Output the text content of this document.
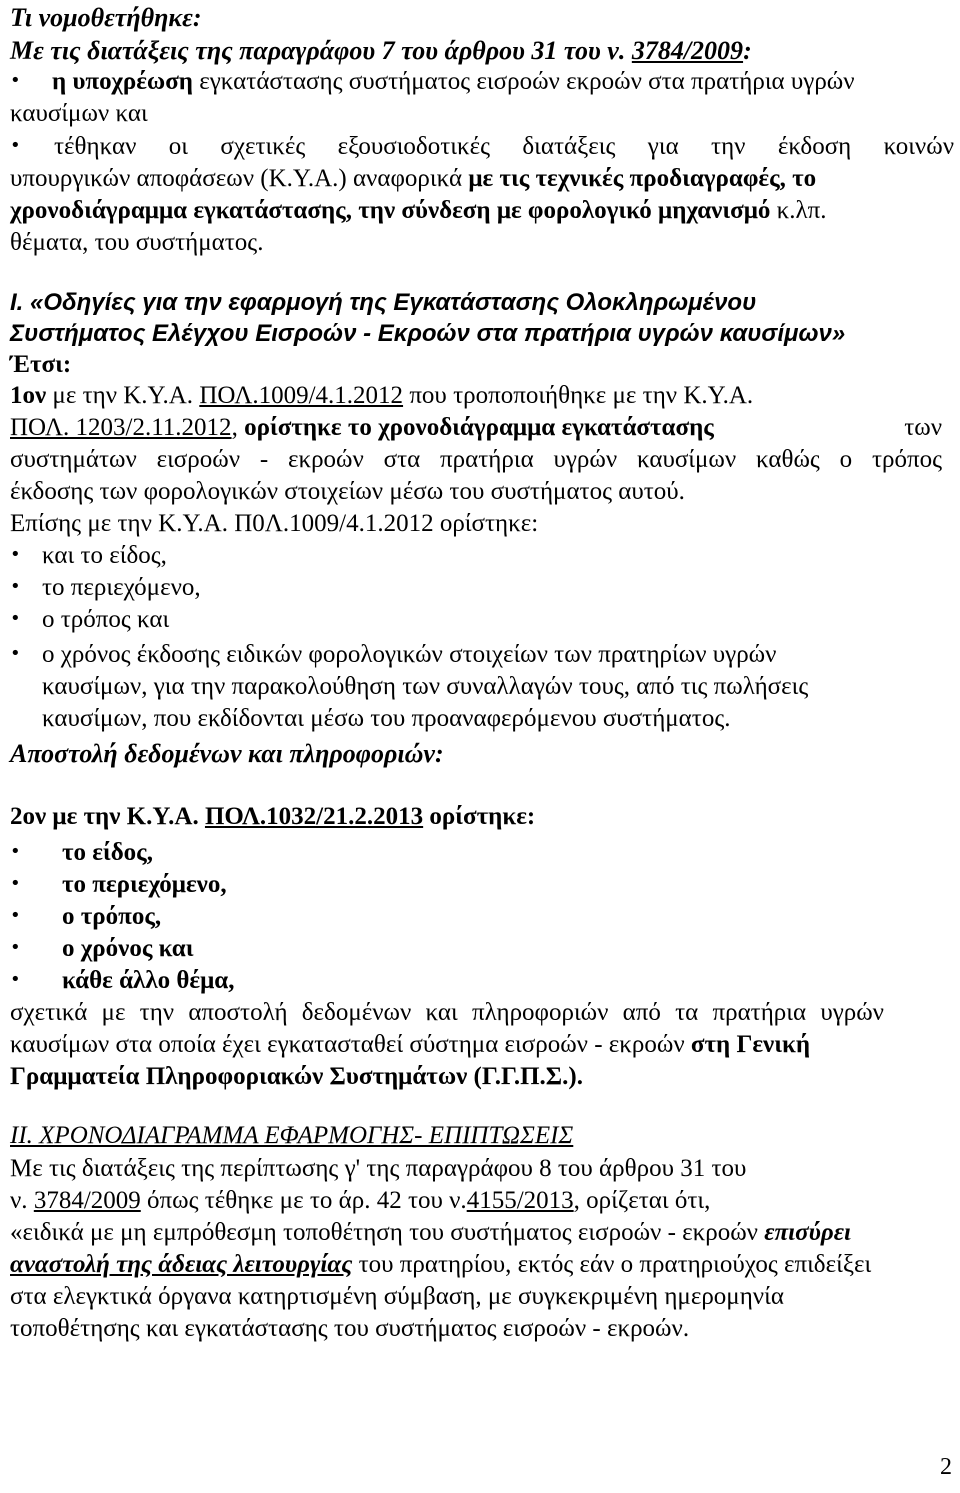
Τι νομοθετήθηκε:
Με τις διατάξεις της παραγράφου 7 του άρθρου 31 του ν. 3784/2009:
• η υποχρέωση εγκατάστασης συστήματος εισροών εκροών στα πρατήρια υγρών
καυσίμων και
• τέθηκαν οι σχετικές εξουσιοδοτικές διατάξεις για την έκδοση κοινών
υπουργικών αποφάσεων (Κ.Υ.Α.) αναφορικά με τις τεχνικές προδιαγραφές, το
χρονοδιάγραμμα εγκατάστασης, την σύνδεση με φορολογικό μηχανισμό κ.λπ.
θέματα, του συστήματος.
I. «Οδηγίες για την εφαρμογή της Εγκατάστασης Ολοκληρωμένου
Συστήματος Ελέγχου Εισροών - Εκροών στα πρατήρια υγρών καυσίμων»
Έτσι:
1ον με την Κ.Υ.Α. ΠΟΛ.1009/4.1.2012 που τροποποιήθηκε με την Κ.Υ.Α.
ΠΟΛ. 1203/2.11.2012, ορίστηκε το χρονοδιάγραμμα εγκατάστασης	των
συστημάτων εισροών - εκροών στα πρατήρια υγρών καυσίμων καθώς ο τρόπος
έκδοσης των φορολογικών στοιχείων μέσω του συστήματος αυτού.
Επίσης με την Κ.Υ.Α. Π0Λ.1009/4.1.2012 ορίστηκε:
• και το είδος,
• το περιεχόμενο,
• ο τρόπος και
• ο χρόνος έκδοσης ειδικών φορολογικών στοιχείων των πρατηρίων υγρών
καυσίμων, για την παρακολούθηση των συναλλαγών τους, από τις πωλήσεις
καυσίμων, που εκδίδονται μέσω του προαναφερόμενου συστήματος.
Αποστολή δεδομένων και πληροφοριών:
2ον με την Κ.Υ.Α. ΠΟΛ.1032/21.2.2013 ορίστηκε:
• το είδος,
• το περιεχόμενο,
• ο τρόπος,
• ο χρόνος και
• κάθε άλλο θέμα,
σχετικά με την αποστολή δεδομένων και πληροφοριών από τα πρατήρια υγρών
καυσίμων στα οποία έχει εγκατασταθεί σύστημα εισροών - εκροών στη Γενική
Γραμματεία Πληροφοριακών Συστημάτων (Γ.Γ.Π.Σ.).
II. ΧΡΟΝΟΔΙΑΓΡΑΜΜΑ ΕΦΑΡΜΟΓΗΣ- ΕΠΙΠΤΩΣΕΙΣ
Με τις διατάξεις της περίπτωσης γ' της παραγράφου 8 του άρθρου 31 του
ν. 3784/2009 όπως τέθηκε με το άρ. 42 του ν.4155/2013, ορίζεται ότι,
«ειδικά με μη εμπρόθεσμη τοποθέτηση του συστήματος εισροών - εκροών επισύρει
αναστολή της άδειας λειτουργίας του πρατηρίου, εκτός εάν ο πρατηριούχος επιδείξει
στα ελεγκτικά όργανα κατηρτισμένη σύμβαση, με συγκεκριμένη ημερομηνία
τοποθέτησης και εγκατάστασης του συστήματος εισροών - εκροών.
2
